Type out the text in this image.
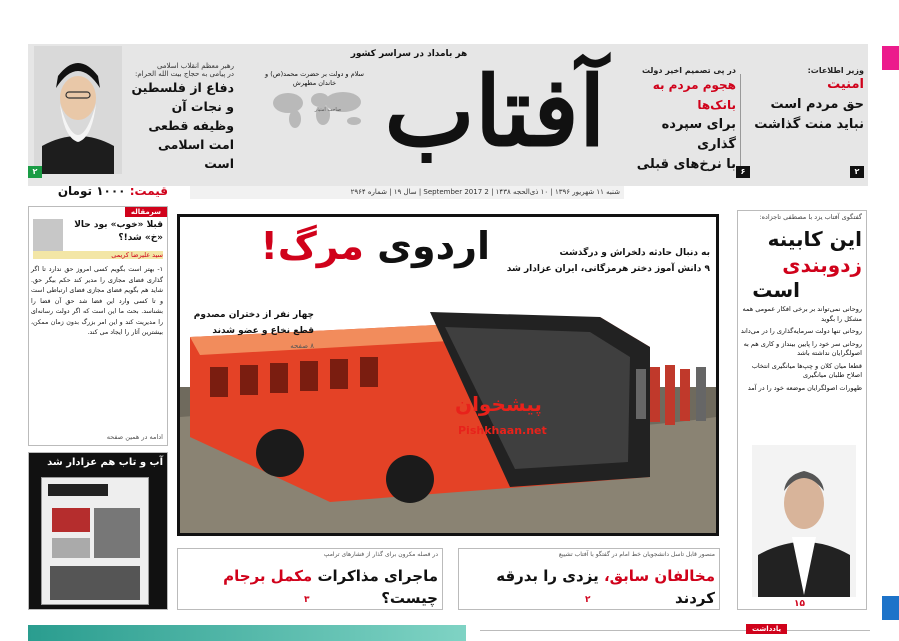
آفتاب
هر بامداد در سراسر کشور
سلام و دولت بر حضرت محمد(ص) و خاندان مطهرش
صاحب امتیاز
وزیر اطلاعات:
امنیت
حق مردم است
نباید منت گذاشت
۲
در پی تصمیم اخیر دولت
هجوم مردم به بانک‌ها
برای سپرده گذاری
با نرخ‌های قبلی ۶
رهبر معظم انقلاب اسلامی
در پیامی به حجاج بیت الله الحرام:
دفاع از فلسطین
و نجات آن
وظیفه قطعی
امت اسلامی است
۲
قیمت: ۱۰۰۰ تومان	شنبه ۱۱ شهریور ۱۳۹۶ | ۱۰ ذی‌الحجه ۱۴۳۸ | 2 September 2017 | سال ۱۹ | شماره ۲۹۶۴
سرمقاله
قبلا «خوب» بود حالا «خ» شد!؟
سید علیرضا کریمی
۱- بهتر است بگویم کسی امروز حق ندارد تا اگر گذاری فضای مجازی را مدیر کند حکم بیگر حق. شاید هم بگویم فضای مجازی فضای ارتباطی است و تا کسی وارد این فضا شد حق آن فضا را بشناسد. بحث ما این است که اگر دولت رسانه‌ای را مدیریت کند و این امر بزرگ بدون زمان ممکن، بیشترین آثار را ایجاد می کند.
ادامه در همین صفحه
آب و تاب هم عزادار شد
اردوی مرگ!	به دنبال حادثه دلخراش و درگذشت
۹ دانش آموز دختر هرمزگانی، ایران عزادار شد
چهار نفر از دختران مصدوم
قطع نخاع و عضو شدند
۸ صفحه
پیشخوان
Pishkhaan.net
گفتگوی آفتاب یزد با مصطفی تاجزاده:
این کابینه
زدوبندی
است
روحانی نمی‌تواند بر برخی افکار عمومی همه مشکل را بگوید
روحانی تنها دولت سرمایه‌گذاری را در می‌داند
روحانی سر خود را پایین بینداز و کاری هم به اصولگرایان نداشته باشد
قطعا میان کلان و چپ‌ها میانگیری انتخاب اصلاح طلبان میانگیری
ظهورات اصولگرایان موضعه خود را در آمد
۱۵
منصور قابل تاسل دانشجویان خط امام در گفتگو با آفتاب تشییع
مخالفان سابق، یزدی را بدرقه کردند
۲
در فصله مکرون برای گذار از فشارهای ترامپ
ماجرای مذاکرات مکمل برجام چیست؟
۳
یادداشت
